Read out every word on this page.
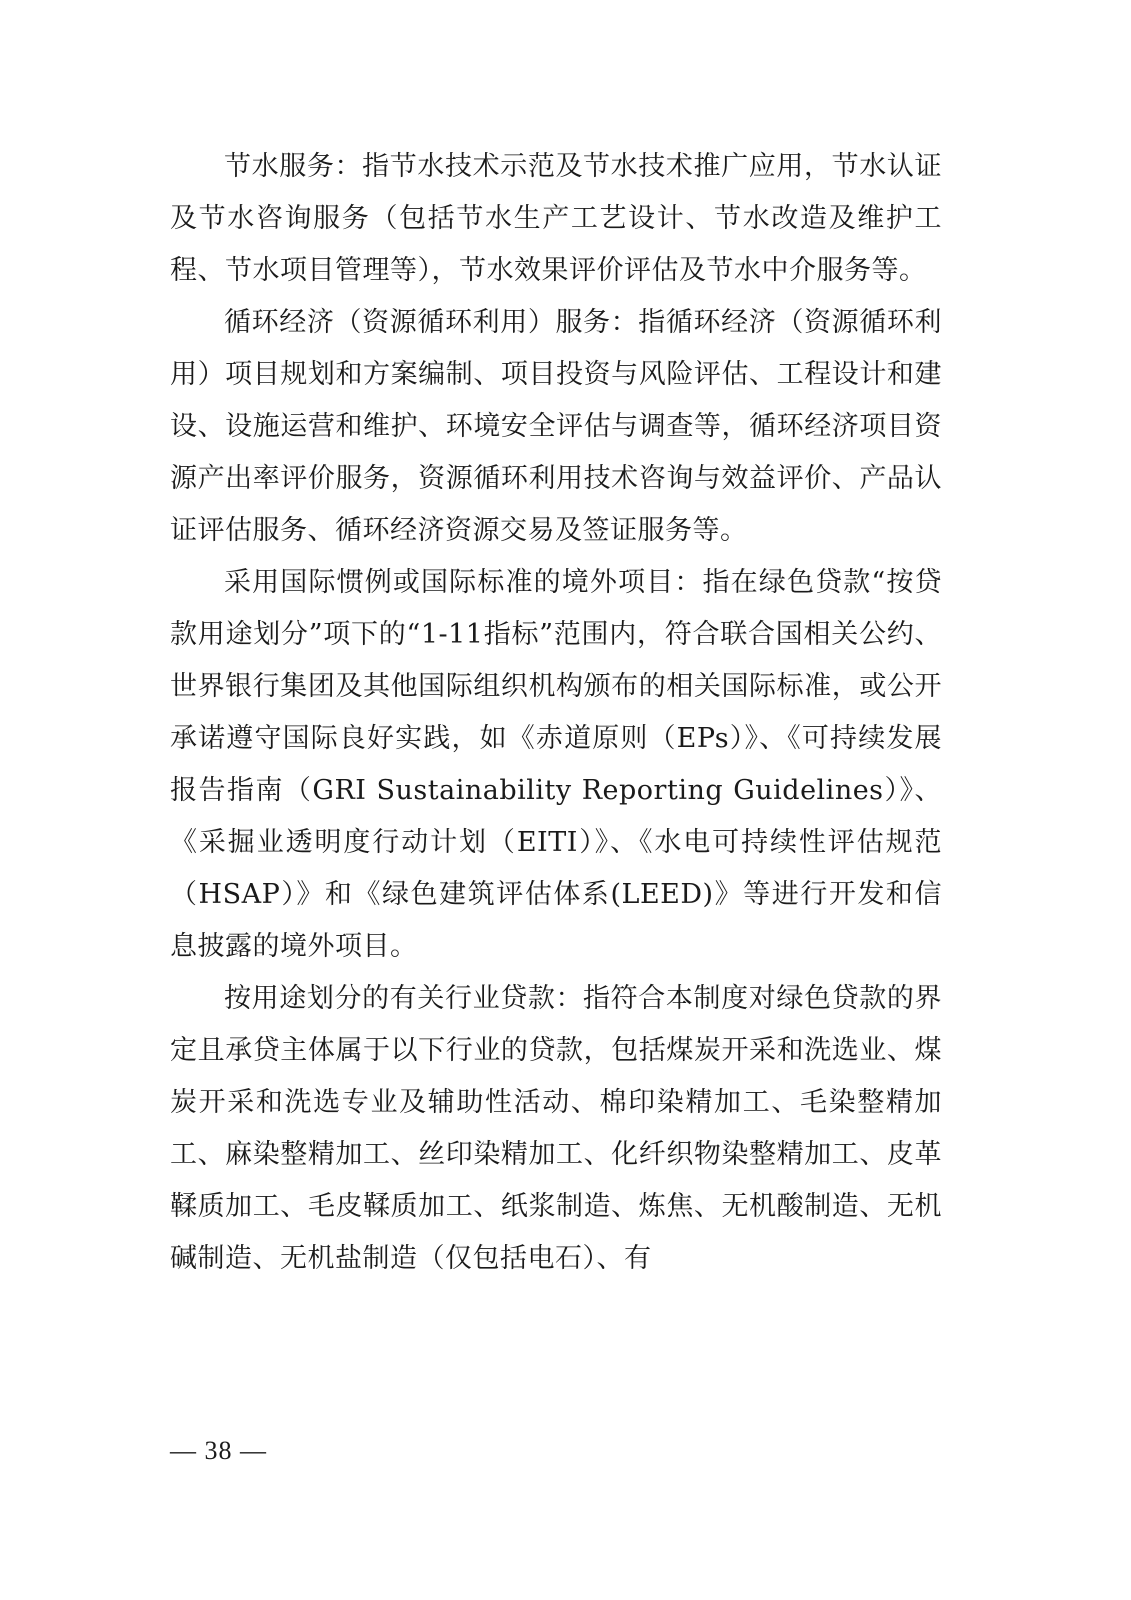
节水服务：指节水技术示范及节水技术推广应用，节水认证及节水咨询服务（包括节水生产工艺设计、节水改造及维护工程、节水项目管理等），节水效果评价评估及节水中介服务等。

循环经济（资源循环利用）服务：指循环经济（资源循环利用）项目规划和方案编制、项目投资与风险评估、工程设计和建设、设施运营和维护、环境安全评估与调查等，循环经济项目资源产出率评价服务，资源循环利用技术咨询与效益评价、产品认证评估服务、循环经济资源交易及签证服务等。

采用国际惯例或国际标准的境外项目：指在绿色贷款“按贷款用途划分”项下的“1-11指标”范围内，符合联合国相关公约、世界银行集团及其他国际组织机构颁布的相关国际标准，或公开承诺遵守国际良好实践，如《赤道原则（EPs）》、《可持续发展报告指南（GRI Sustainability Reporting Guidelines）》、《采掘业透明度行动计划（EITI）》、《水电可持续性评估规范（HSAP）》和《绿色建筑评估体系(LEED)》等进行开发和信息披露的境外项目。

按用途划分的有关行业贷款：指符合本制度对绿色贷款的界定且承贷主体属于以下行业的贷款，包括煤炭开采和洗选业、煤炭开采和洗选专业及辅助性活动、棉印染精加工、毛染整精加工、麻染整精加工、丝印染精加工、化纤织物染整精加工、皮革鞣质加工、毛皮鞣质加工、纸浆制造、炼焦、无机酸制造、无机碱制造、无机盐制造（仅包括电石）、有

— 38 —
